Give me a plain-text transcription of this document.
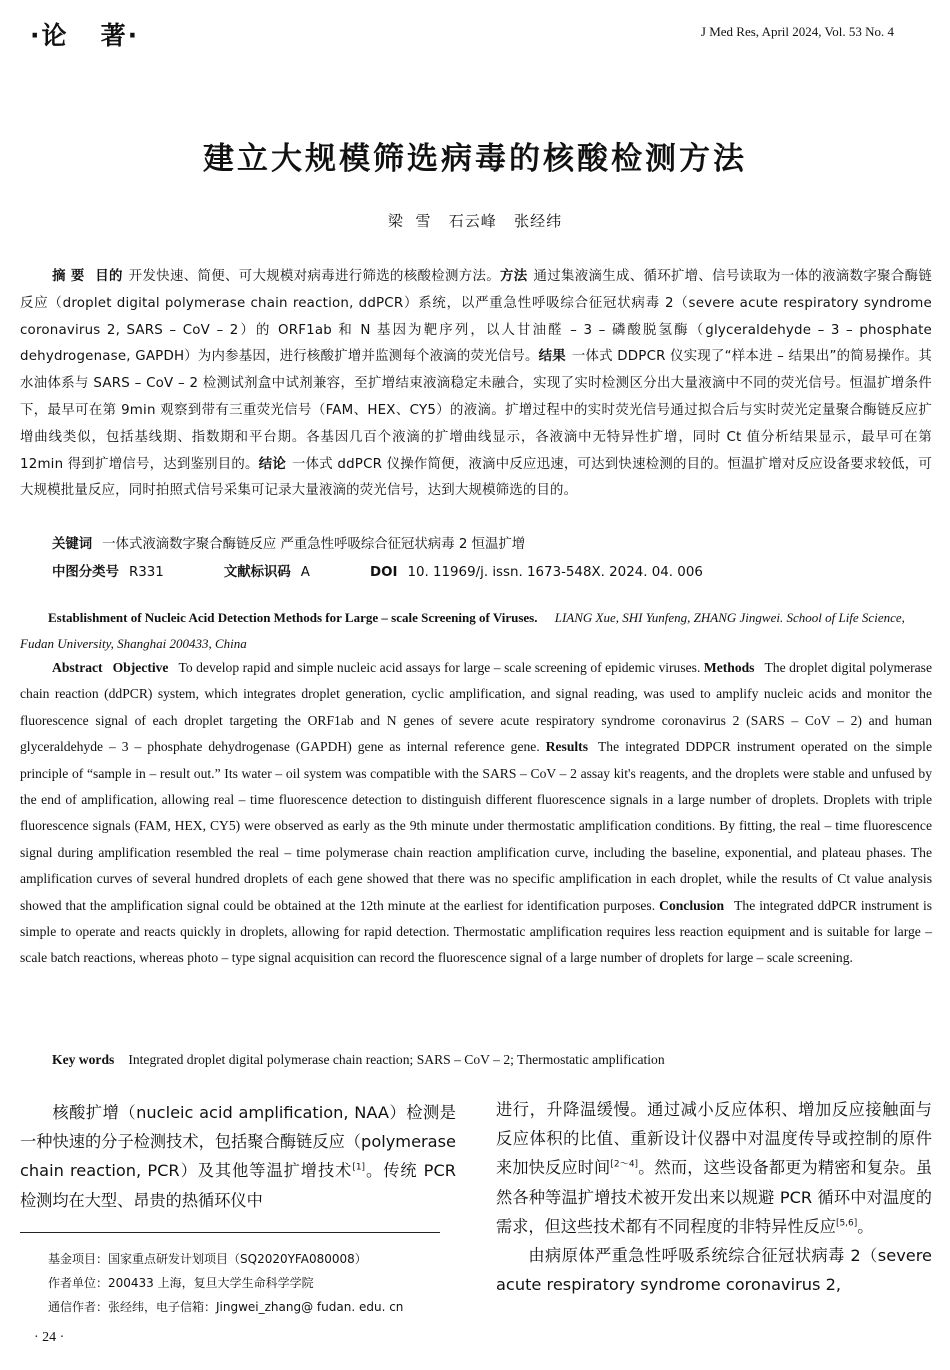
·论   著·	J Med Res, April 2024, Vol. 53 No. 4
建立大规模筛选病毒的核酸检测方法
梁  雪   石云峰   张经纬
摘 要 目的 开发快速、简便、可大规模对病毒进行筛选的核酸检测方法。方法 通过集液滴生成、循环扩增、信号读取为一体的液滴数字聚合酶链反应（droplet digital polymerase chain reaction, ddPCR）系统，以严重急性呼吸综合征冠状病毒 2（severe acute respiratory syndrome coronavirus 2, SARS – CoV – 2）的 ORF1ab 和 N 基因为靶序列，以人甘油醛 – 3 – 磷酸脱氢酶（glyceraldehyde – 3 – phosphate dehydrogenase, GAPDH）为内参基因，进行核酸扩增并监测每个液滴的荧光信号。结果 一体式 DDPCR 仪实现了“样本进 – 结果出”的简易操作。其水油体系与 SARS – CoV – 2 检测试剂盒中试剂兼容，至扩增结束液滴稳定未融合，实现了实时检测区分出大量液滴中不同的荧光信号。恒温扩增条件下，最早可在第 9min 观察到带有三重荧光信号（FAM、HEX、CY5）的液滴。扩增过程中的实时荧光信号通过拟合后与实时荧光定量聚合酶链反应扩增曲线类似，包括基线期、指数期和平台期。各基因几百个液滴的扩增曲线显示，各液滴中无特异性扩增，同时 Ct 值分析结果显示，最早可在第 12min 得到扩增信号，达到鉴别目的。结论 一体式 ddPCR 仪操作简便，液滴中反应迅速，可达到快速检测的目的。恒温扩增对反应设备要求较低，可大规模批量反应，同时拍照式信号采集可记录大量液滴的荧光信号，达到大规模筛选的目的。
关键词 一体式液滴数字聚合酶链反应 严重急性呼吸综合征冠状病毒 2 恒温扩增
中图分类号 R331	文献标识码 A	DOI 10. 11969/j. issn. 1673-548X. 2024. 04. 006
Establishment of Nucleic Acid Detection Methods for Large – scale Screening of Viruses. LIANG Xue, SHI Yunfeng, ZHANG Jingwei. School of Life Science, Fudan University, Shanghai 200433, China
Abstract Objective To develop rapid and simple nucleic acid assays for large – scale screening of epidemic viruses. Methods The droplet digital polymerase chain reaction (ddPCR) system, which integrates droplet generation, cyclic amplification, and signal reading, was used to amplify nucleic acids and monitor the fluorescence signal of each droplet targeting the ORF1ab and N genes of severe acute respiratory syndrome coronavirus 2 (SARS – CoV – 2) and human glyceraldehyde – 3 – phosphate dehydrogenase (GAPDH) gene as internal reference gene. Results The integrated DDPCR instrument operated on the simple principle of “sample in – result out.” Its water – oil system was compatible with the SARS – CoV – 2 assay kit's reagents, and the droplets were stable and unfused by the end of amplification, allowing real – time fluorescence detection to distinguish different fluorescence signals in a large number of droplets. Droplets with triple fluorescence signals (FAM, HEX, CY5) were observed as early as the 9th minute under thermostatic amplification conditions. By fitting, the real – time fluorescence signal during amplification resembled the real – time polymerase chain reaction amplification curve, including the baseline, exponential, and plateau phases. The amplification curves of several hundred droplets of each gene showed that there was no specific amplification in each droplet, while the results of Ct value analysis showed that the amplification signal could be obtained at the 12th minute at the earliest for identification purposes. Conclusion The integrated ddPCR instrument is simple to operate and reacts quickly in droplets, allowing for rapid detection. Thermostatic amplification requires less reaction equipment and is suitable for large – scale batch reactions, whereas photo – type signal acquisition can record the fluorescence signal of a large number of droplets for large – scale screening.
Key words Integrated droplet digital polymerase chain reaction; SARS – CoV – 2; Thermostatic amplification
核酸扩增（nucleic acid amplification, NAA）检测是一种快速的分子检测技术，包括聚合酶链反应（polymerase chain reaction, PCR）及其他等温扩增技术[1]。传统 PCR 检测均在大型、昂贵的热循环仪中
基金项目：国家重点研发计划项目（SQ2020YFA080008）
作者单位：200433 上海，复旦大学生命科学学院
通信作者：张经纬，电子信箱：Jingwei_zhang@ fudan. edu. cn
进行，升降温缓慢。通过减小反应体积、增加反应接触面与反应体积的比值、重新设计仪器中对温度传导或控制的原件来加快反应时间[2～4]。然而，这些设备都更为精密和复杂。虽然各种等温扩增技术被开发出来以规避 PCR 循环中对温度的需求，但这些技术都有不同程度的非特异性反应[5,6]。
由病原体严重急性呼吸系统综合征冠状病毒 2（severe acute respiratory syndrome coronavirus 2,
· 24 ·
